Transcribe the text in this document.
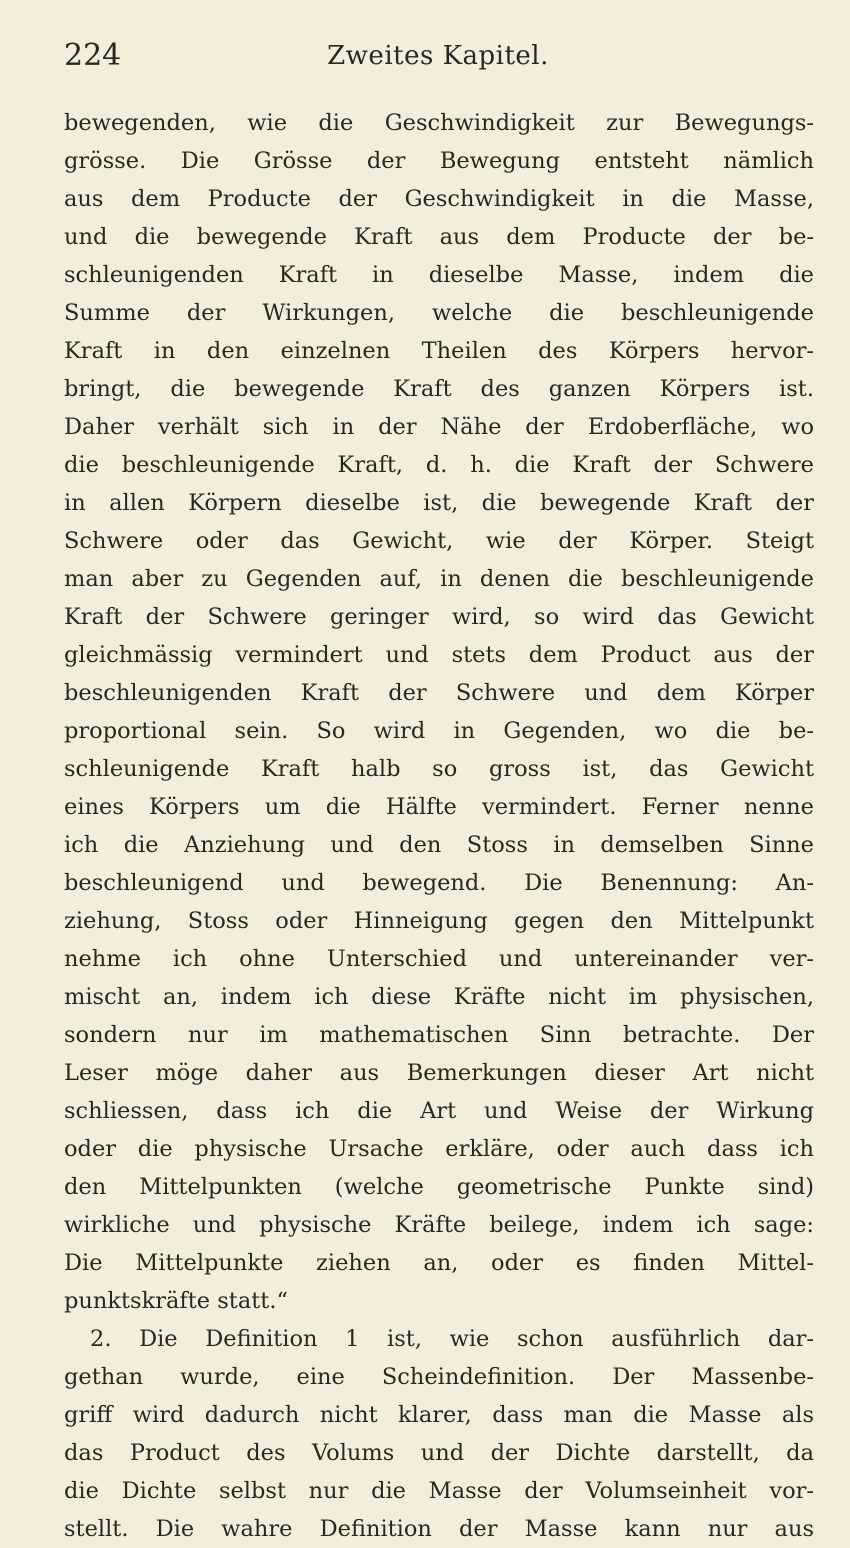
224	Zweites Kapitel.
bewegenden, wie die Geschwindigkeit zur Bewegungs-
grösse. Die Grösse der Bewegung entsteht nämlich
aus dem Producte der Geschwindigkeit in die Masse,
und die bewegende Kraft aus dem Producte der be-
schleunigenden Kraft in dieselbe Masse, indem die
Summe der Wirkungen, welche die beschleunigende
Kraft in den einzelnen Theilen des Körpers hervor-
bringt, die bewegende Kraft des ganzen Körpers ist.
Daher verhält sich in der Nähe der Erdoberfläche, wo
die beschleunigende Kraft, d. h. die Kraft der Schwere
in allen Körpern dieselbe ist, die bewegende Kraft der
Schwere oder das Gewicht, wie der Körper. Steigt
man aber zu Gegenden auf, in denen die beschleunigende
Kraft der Schwere geringer wird, so wird das Gewicht
gleichmässig vermindert und stets dem Product aus der
beschleunigenden Kraft der Schwere und dem Körper
proportional sein. So wird in Gegenden, wo die be-
schleunigende Kraft halb so gross ist, das Gewicht
eines Körpers um die Hälfte vermindert. Ferner nenne
ich die Anziehung und den Stoss in demselben Sinne
beschleunigend und bewegend. Die Benennung: An-
ziehung, Stoss oder Hinneigung gegen den Mittelpunkt
nehme ich ohne Unterschied und untereinander ver-
mischt an, indem ich diese Kräfte nicht im physischen,
sondern nur im mathematischen Sinn betrachte. Der
Leser möge daher aus Bemerkungen dieser Art nicht
schliessen, dass ich die Art und Weise der Wirkung
oder die physische Ursache erkläre, oder auch dass ich
den Mittelpunkten (welche geometrische Punkte sind)
wirkliche und physische Kräfte beilege, indem ich sage:
Die Mittelpunkte ziehen an, oder es finden Mittel-
punktskräfte statt.“
2. Die Definition 1 ist, wie schon ausführlich dar-
gethan wurde, eine Scheindefinition. Der Massenbe-
griff wird dadurch nicht klarer, dass man die Masse als
das Product des Volums und der Dichte darstellt, da
die Dichte selbst nur die Masse der Volumseinheit vor-
stellt. Die wahre Definition der Masse kann nur aus
